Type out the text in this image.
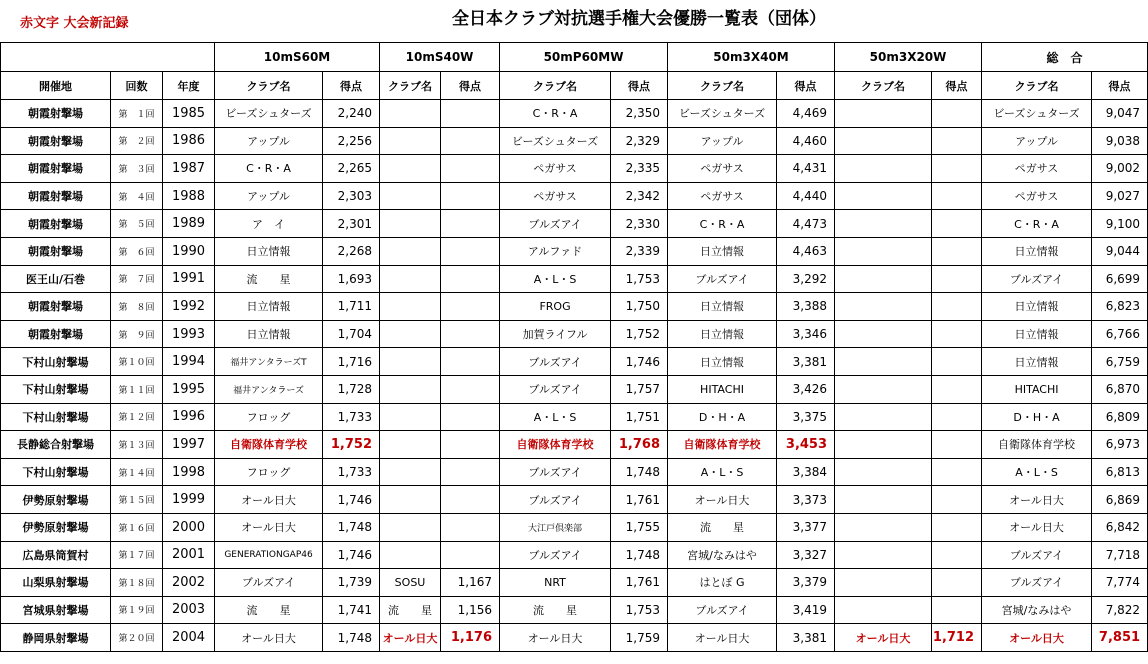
赤文字 大会新記録	全日本クラブ対抗選手権大会優勝一覧表（団体）
			10mS60M		10mS40W		50mP60MW		50m3X40M		50m3X20W		総　合	
開催地	回数	年度	クラブ名	得点	クラブ名	得点	クラブ名	得点	クラブ名	得点	クラブ名	得点	クラブ名	得点
朝霞射撃場	第　１回	1985	ビーズシュターズ	2,240			C・R・A	2,350	ビーズシュターズ	4,469			ビーズシュターズ	9,047
朝霞射撃場	第　２回	1986	アップル	2,256			ビーズシュターズ	2,329	アップル	4,460			アップル	9,038
朝霞射撃場	第　３回	1987	C・R・A	2,265			ペガサス	2,335	ペガサス	4,431			ペガサス	9,002
朝霞射撃場	第　４回	1988	アップル	2,303			ペガサス	2,342	ペガサス	4,440			ペガサス	9,027
朝霞射撃場	第　５回	1989	ア　イ	2,301			ブルズアイ	2,330	C・R・A	4,473			C・R・A	9,100
朝霞射撃場	第　６回	1990	日立情報	2,268			アルファド	2,339	日立情報	4,463			日立情報	9,044
医王山/石巻	第　７回	1991	流　　星	1,693			A・L・S	1,753	ブルズアイ	3,292			ブルズアイ	6,699
朝霞射撃場	第　８回	1992	日立情報	1,711			FROG	1,750	日立情報	3,388			日立情報	6,823
朝霞射撃場	第　９回	1993	日立情報	1,704			加賀ライフル	1,752	日立情報	3,346			日立情報	6,766
下村山射撃場	第１０回	1994	福井アンタラーズT	1,716			ブルズアイ	1,746	日立情報	3,381			日立情報	6,759
下村山射撃場	第１１回	1995	福井アンタラーズ	1,728			ブルズアイ	1,757	HITACHI	3,426			HITACHI	6,870
下村山射撃場	第１２回	1996	フロッグ	1,733			A・L・S	1,751	D・H・A	3,375			D・H・A	6,809
長静総合射撃場	第１３回	1997	自衛隊体育学校	1,752			自衛隊体育学校	1,768	自衛隊体育学校	3,453			自衛隊体育学校	6,973
下村山射撃場	第１４回	1998	フロッグ	1,733			ブルズアイ	1,748	A・L・S	3,384			A・L・S	6,813
伊勢原射撃場	第１５回	1999	オール日大	1,746			ブルズアイ	1,761	オール日大	3,373			オール日大	6,869
伊勢原射撃場	第１６回	2000	オール日大	1,748			大江戸倶楽部	1,755	流　　星	3,377			オール日大	6,842
広島県筒賀村	第１７回	2001	GENERATIONGAP46	1,746			ブルズアイ	1,748	宮城/なみはや	3,327			ブルズアイ	7,718
山梨県射撃場	第１８回	2002	ブルズアイ	1,739	SOSU	1,167	NRT	1,761	はとぼ G	3,379			ブルズアイ	7,774
宮城県射撃場	第１９回	2003	流　　星	1,741	流　　星	1,156	流　　星	1,753	ブルズアイ	3,419			宮城/なみはや	7,822
静岡県射撃場	第２０回	2004	オール日大	1,748	オール日大	1,176	オール日大	1,759	オール日大	3,381	オール日大	1,712	オール日大	7,851
